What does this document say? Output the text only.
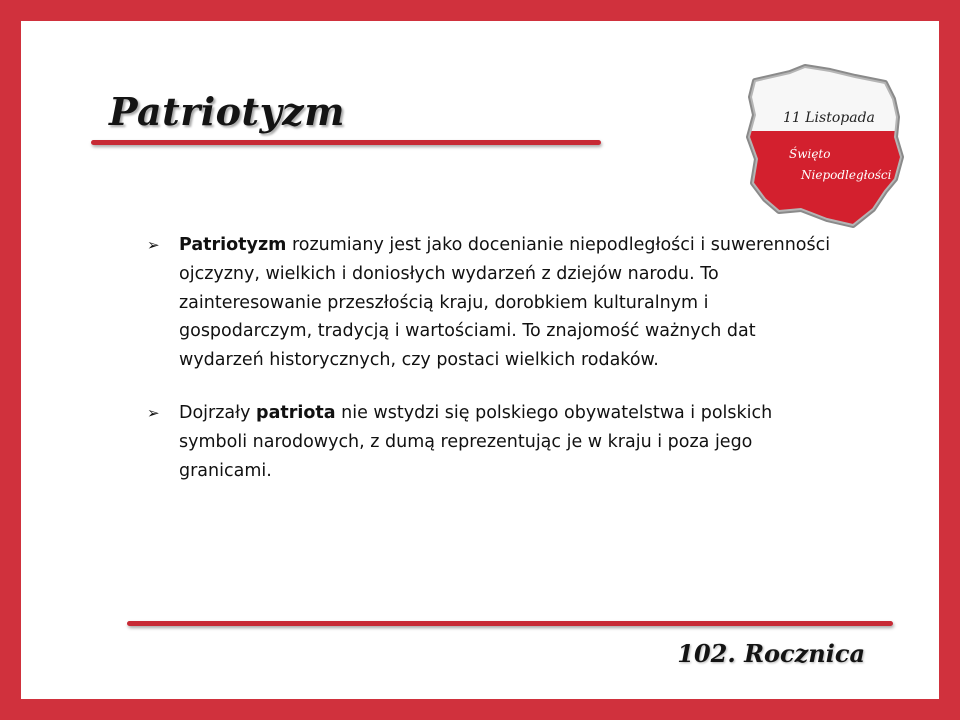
Patriotyzm	11 Listopada
Święto
Niepodległości
➢	Patriotyzm rozumiany jest jako docenianie niepodległości i suwerenności ojczyzny, wielkich i doniosłych wydarzeń z dziejów narodu. To zainteresowanie przeszłością kraju, dorobkiem kulturalnym i gospodarczym, tradycją i wartościami. To znajomość ważnych dat wydarzeń historycznych, czy postaci wielkich rodaków.
➢	Dojrzały patriota nie wstydzi się polskiego obywatelstwa i polskich symboli narodowych, z dumą reprezentując je w kraju i poza jego granicami.
102. Rocznica
